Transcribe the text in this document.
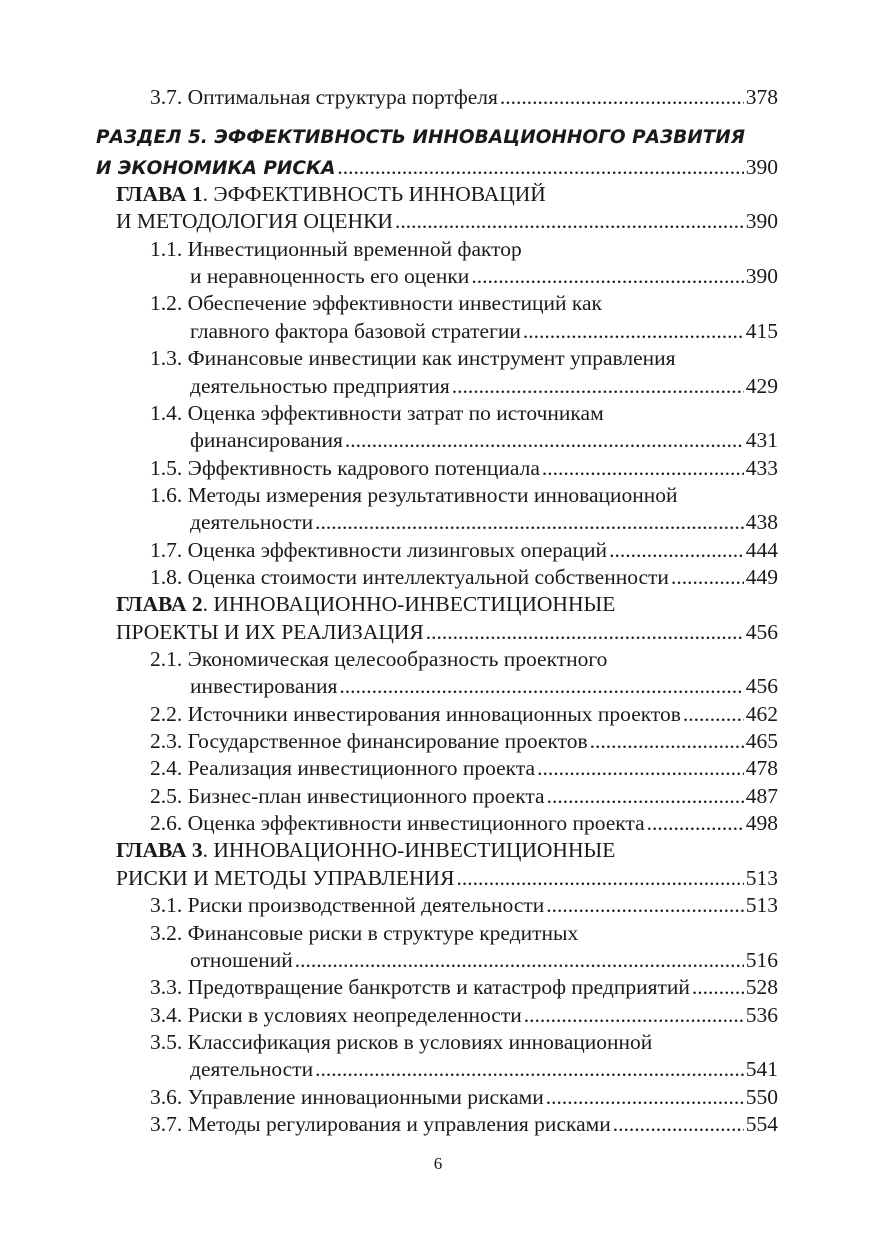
3.7. Оптимальная структура портфеля .....	378
РАЗДЕЛ 5. ЭФФЕКТИВНОСТЬ ИННОВАЦИОННОГО РАЗВИТИЯ
И ЭКОНОМИКА РИСКА .....	390
ГЛАВА 1. ЭФФЕКТИВНОСТЬ ИННОВАЦИЙ
И МЕТОДОЛОГИЯ ОЦЕНКИ .....	390
1.1. Инвестиционный временной фактор
и неравноценность его оценки .....	390
1.2. Обеспечение эффективности инвестиций как
главного фактора базовой стратегии .....	415
1.3. Финансовые инвестиции как инструмент управления
деятельностью предприятия .....	429
1.4. Оценка эффективности затрат по источникам
финансирования .....	431
1.5. Эффективность кадрового потенциала .....	433
1.6. Методы измерения результативности инновационной
деятельности .....	438
1.7. Оценка эффективности лизинговых операций .....	444
1.8. Оценка стоимости интеллектуальной собственности .....	449
ГЛАВА 2. ИННОВАЦИОННО-ИНВЕСТИЦИОННЫЕ
ПРОЕКТЫ И ИХ РЕАЛИЗАЦИЯ .....	456
2.1. Экономическая целесообразность проектного
инвестирования .....	456
2.2. Источники инвестирования инновационных проектов .....	462
2.3. Государственное финансирование проектов .....	465
2.4. Реализация инвестиционного проекта .....	478
2.5. Бизнес-план инвестиционного проекта .....	487
2.6. Оценка эффективности инвестиционного проекта .....	498
ГЛАВА 3. ИННОВАЦИОННО-ИНВЕСТИЦИОННЫЕ
РИСКИ И МЕТОДЫ УПРАВЛЕНИЯ .....	513
3.1. Риски производственной деятельности .....	513
3.2. Финансовые риски в структуре кредитных
отношений .....	516
3.3. Предотвращение банкротств и катастроф предприятий .....	528
3.4. Риски в условиях неопределенности .....	536
3.5. Классификация рисков в условиях инновационной
деятельности .....	541
3.6. Управление инновационными рисками .....	550
3.7. Методы регулирования и управления рисками .....	554
6
